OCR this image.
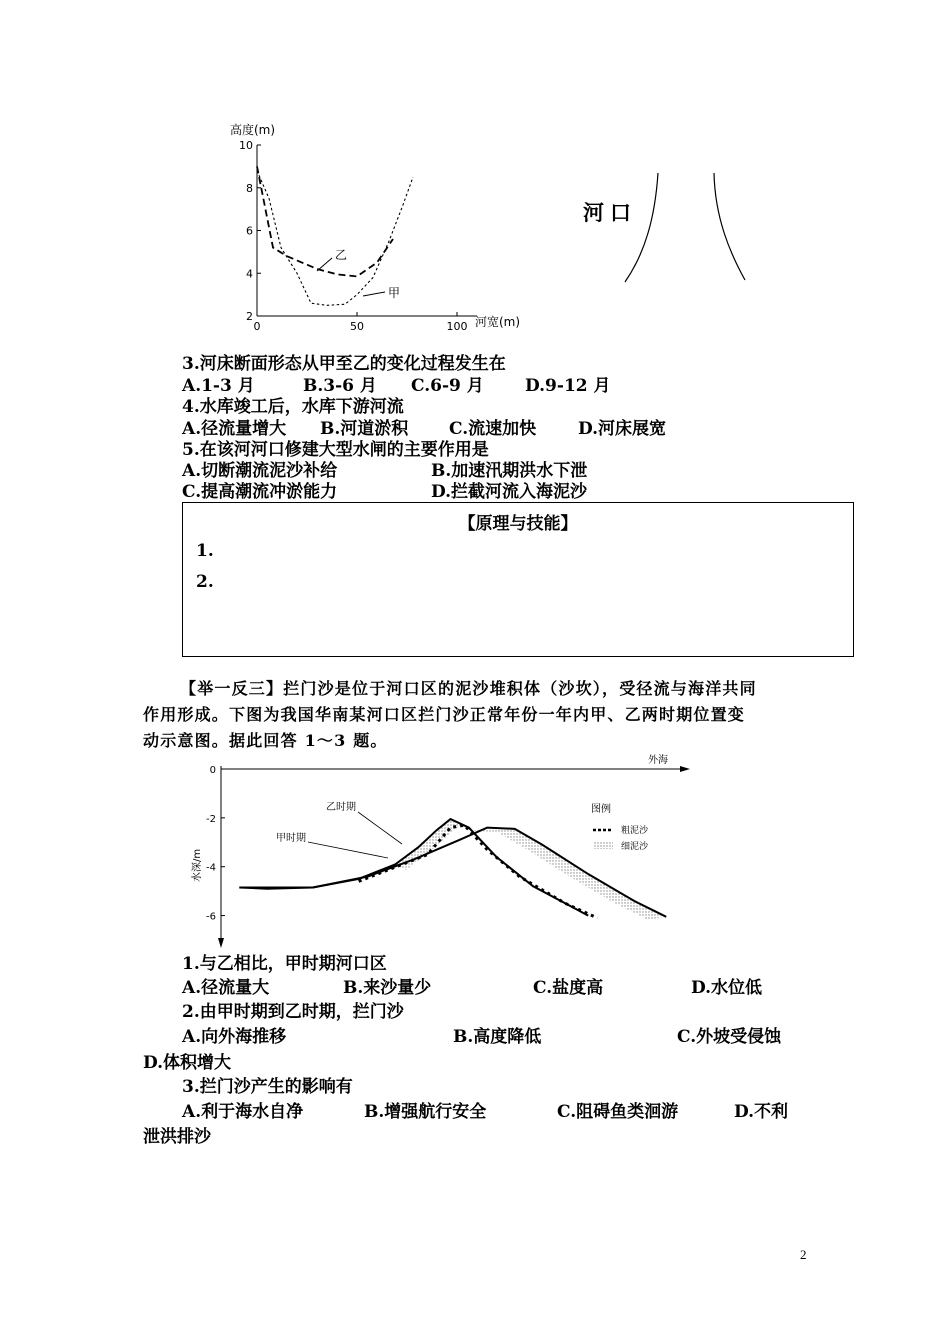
高度(m)
2
4
6
8
10
0	50	100 河宽(m)
乙
甲
河口
3.河床断面形态从甲至乙的变化过程发生在
A.1-3 月	B.3-6 月 C.6-9 月 D.9-12 月
4.水库竣工后，水库下游河流
A.径流量增大 B.河道淤积 C.流速加快 D.河床展宽
5.在该河河口修建大型水闸的主要作用是
A.切断潮流泥沙补给	B.加速汛期洪水下泄
C.提高潮流冲淤能力	D.拦截河流入海泥沙
【原理与技能】
1.
2.
【举一反三】拦门沙是位于河口区的泥沙堆积体（沙坎），受径流与海洋共同
作用形成。下图为我国华南某河口区拦门沙正常年份一年内甲、乙两时期位置变
动示意图。据此回答 1～3 题。
外海
水深/m
0
-2
-4
-6
乙时期
甲时期
图例
粗泥沙
细泥沙
1.与乙相比，甲时期河口区
A.径流量大	B.来沙量少	C.盐度高	D.水位低
2.由甲时期到乙时期，拦门沙
A.向外海推移	B.高度降低	C.外坡受侵蚀
D.体积增大
3.拦门沙产生的影响有
A.利于海水自净	B.增强航行安全	C.阻碍鱼类洄游	D.不利
泄洪排沙
2
